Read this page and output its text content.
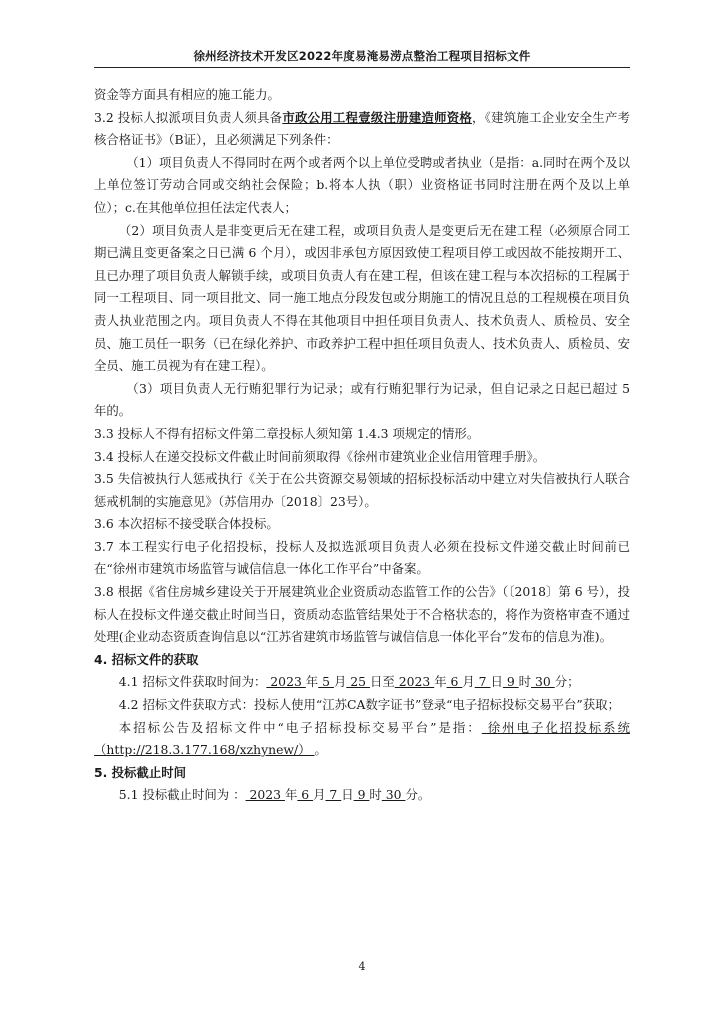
徐州经济技术开发区2022年度易淹易涝点整治工程项目招标文件

资金等方面具有相应的施工能力。

3.2 投标人拟派项目负责人须具备市政公用工程壹级注册建造师资格，《建筑施工企业安全生产考核合格证书》（B证），且必须满足下列条件：

（1）项目负责人不得同时在两个或者两个以上单位受聘或者执业（是指：a.同时在两个及以上单位签订劳动合同或交纳社会保险；b.将本人执（职）业资格证书同时注册在两个及以上单位）；c.在其他单位担任法定代表人；

（2）项目负责人是非变更后无在建工程，或项目负责人是变更后无在建工程（必须原合同工期已满且变更备案之日已满 6 个月），或因非承包方原因致使工程项目停工或因故不能按期开工、且已办理了项目负责人解锁手续，或项目负责人有在建工程，但该在建工程与本次招标的工程属于同一工程项目、同一项目批文、同一施工地点分段发包或分期施工的情况且总的工程规模在项目负责人执业范围之内。项目负责人不得在其他项目中担任项目负责人、技术负责人、质检员、安全员、施工员任一职务（已在绿化养护、市政养护工程中担任项目负责人、技术负责人、质检员、安全员、施工员视为有在建工程）。

（3）项目负责人无行贿犯罪行为记录；或有行贿犯罪行为记录，但自记录之日起已超过 5 年的。

3.3 投标人不得有招标文件第二章投标人须知第 1.4.3 项规定的情形。

3.4 投标人在递交投标文件截止时间前须取得《徐州市建筑业企业信用管理手册》。

3.5 失信被执行人惩戒执行《关于在公共资源交易领域的招标投标活动中建立对失信被执行人联合惩戒机制的实施意见》（苏信用办〔2018〕23号）。

3.6 本次招标不接受联合体投标。

3.7 本工程实行电子化招投标，投标人及拟选派项目负责人必须在投标文件递交截止时间前已在“徐州市建筑市场监管与诚信信息一体化工作平台”中备案。

3.8 根据《省住房城乡建设关于开展建筑业企业资质动态监管工作的公告》（〔2018〕第 6 号），投标人在投标文件递交截止时间当日，资质动态监管结果处于不合格状态的，将作为资格审查不通过处理(企业动态资质查询信息以“江苏省建筑市场监管与诚信信息一体化平台”发布的信息为准)。

4. 招标文件的获取

4.1 招标文件获取时间为： 2023 年 5 月 25 日至 2023 年 6 月 7 日 9 时 30 分；

4.2 招标文件获取方式：投标人使用“江苏CA数字证书”登录“电子招标投标交易平台”获取；

本招标公告及招标文件中“电子招标投标交易平台”是指： 徐州电子化招投标系统 （http://218.3.177.168/xzhynew/） 。

5. 投标截止时间

5.1 投标截止时间为 ： 2023 年 6 月 7 日 9 时 30 分。

4
